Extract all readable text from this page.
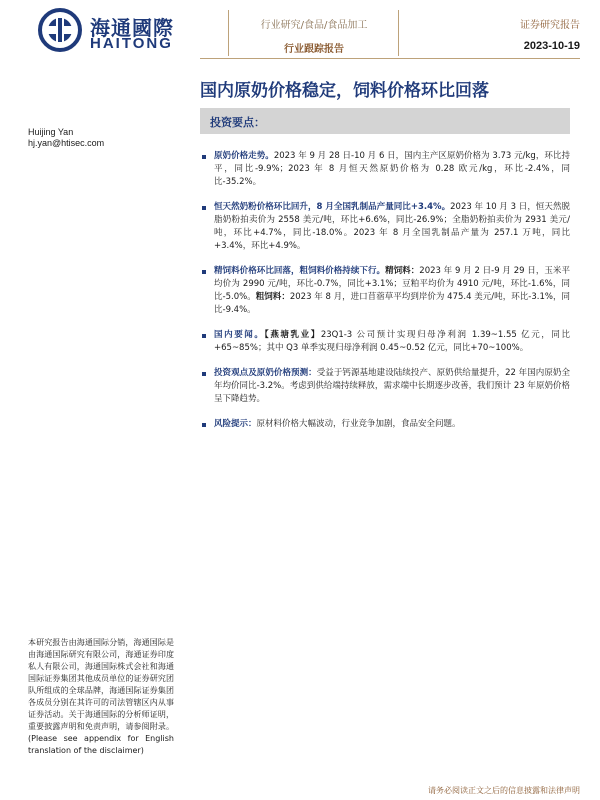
海通國際
HAITONG
行业研究/食品/食品加工
行业跟踪报告
证券研究报告
2023-10-19
国内原奶价格稳定，饲料价格环比回落
Huijing Yan
hj.yan@htisec.com
投资要点：
原奶价格走势。2023 年 9 月 28 日-10 月 6 日，国内主产区原奶价格为 3.73 元/kg，环比持平，同比-9.9%；2023 年 8 月恒天然原奶价格为 0.28 欧元/kg，环比-2.4%，同比-35.2%。
恒天然奶粉价格环比回升，8 月全国乳制品产量同比+3.4%。2023 年 10 月 3 日，恒天然脱脂奶粉拍卖价为 2558 美元/吨，环比+6.6%，同比-26.9%；全脂奶粉拍卖价为 2931 美元/吨，环比+4.7%，同比-18.0%。2023 年 8 月全国乳制品产量为 257.1 万吨，同比+3.4%，环比+4.9%。
精饲料价格环比回落，粗饲料价格持续下行。精饲料：2023 年 9 月 2 日-9 月 29 日，玉米平均价为 2990 元/吨，环比-0.7%，同比+3.1%；豆粕平均价为 4910 元/吨，环比-1.6%，同比-5.0%。粗饲料：2023 年 8 月，进口苜蓿草平均到岸价为 475.4 美元/吨，环比-3.1%，同比-9.4%。
国内要闻。【燕塘乳业】23Q1-3 公司预计实现归母净利润 1.39~1.55 亿元，同比+65~85%；其中 Q3 单季实现归母净利润 0.45~0.52 亿元，同比+70~100%。
投资观点及原奶价格预测：受益于钙源基地建设陆续投产、原奶供给量提升，22 年国内原奶全年均价同比-3.2%。考虑到供给端持续释放，需求端中长期逐步改善，我们预计 23 年原奶价格呈下降趋势。
风险提示：原材料价格大幅波动，行业竞争加剧，食品安全问题。
本研究报告由海通国际分销，海通国际是由海通国际研究有限公司，海通证券印度私人有限公司，海通国际株式会社和海通国际证券集团其他成员单位的证券研究团队所组成的全球品牌，海通国际证券集团各成员分别在其许可的司法管辖区内从事证券活动。关于海通国际的分析师证明，重要披露声明和免责声明，请参阅附录。(Please see appendix for English translation of the disclaimer)
请务必阅读正文之后的信息披露和法律声明
